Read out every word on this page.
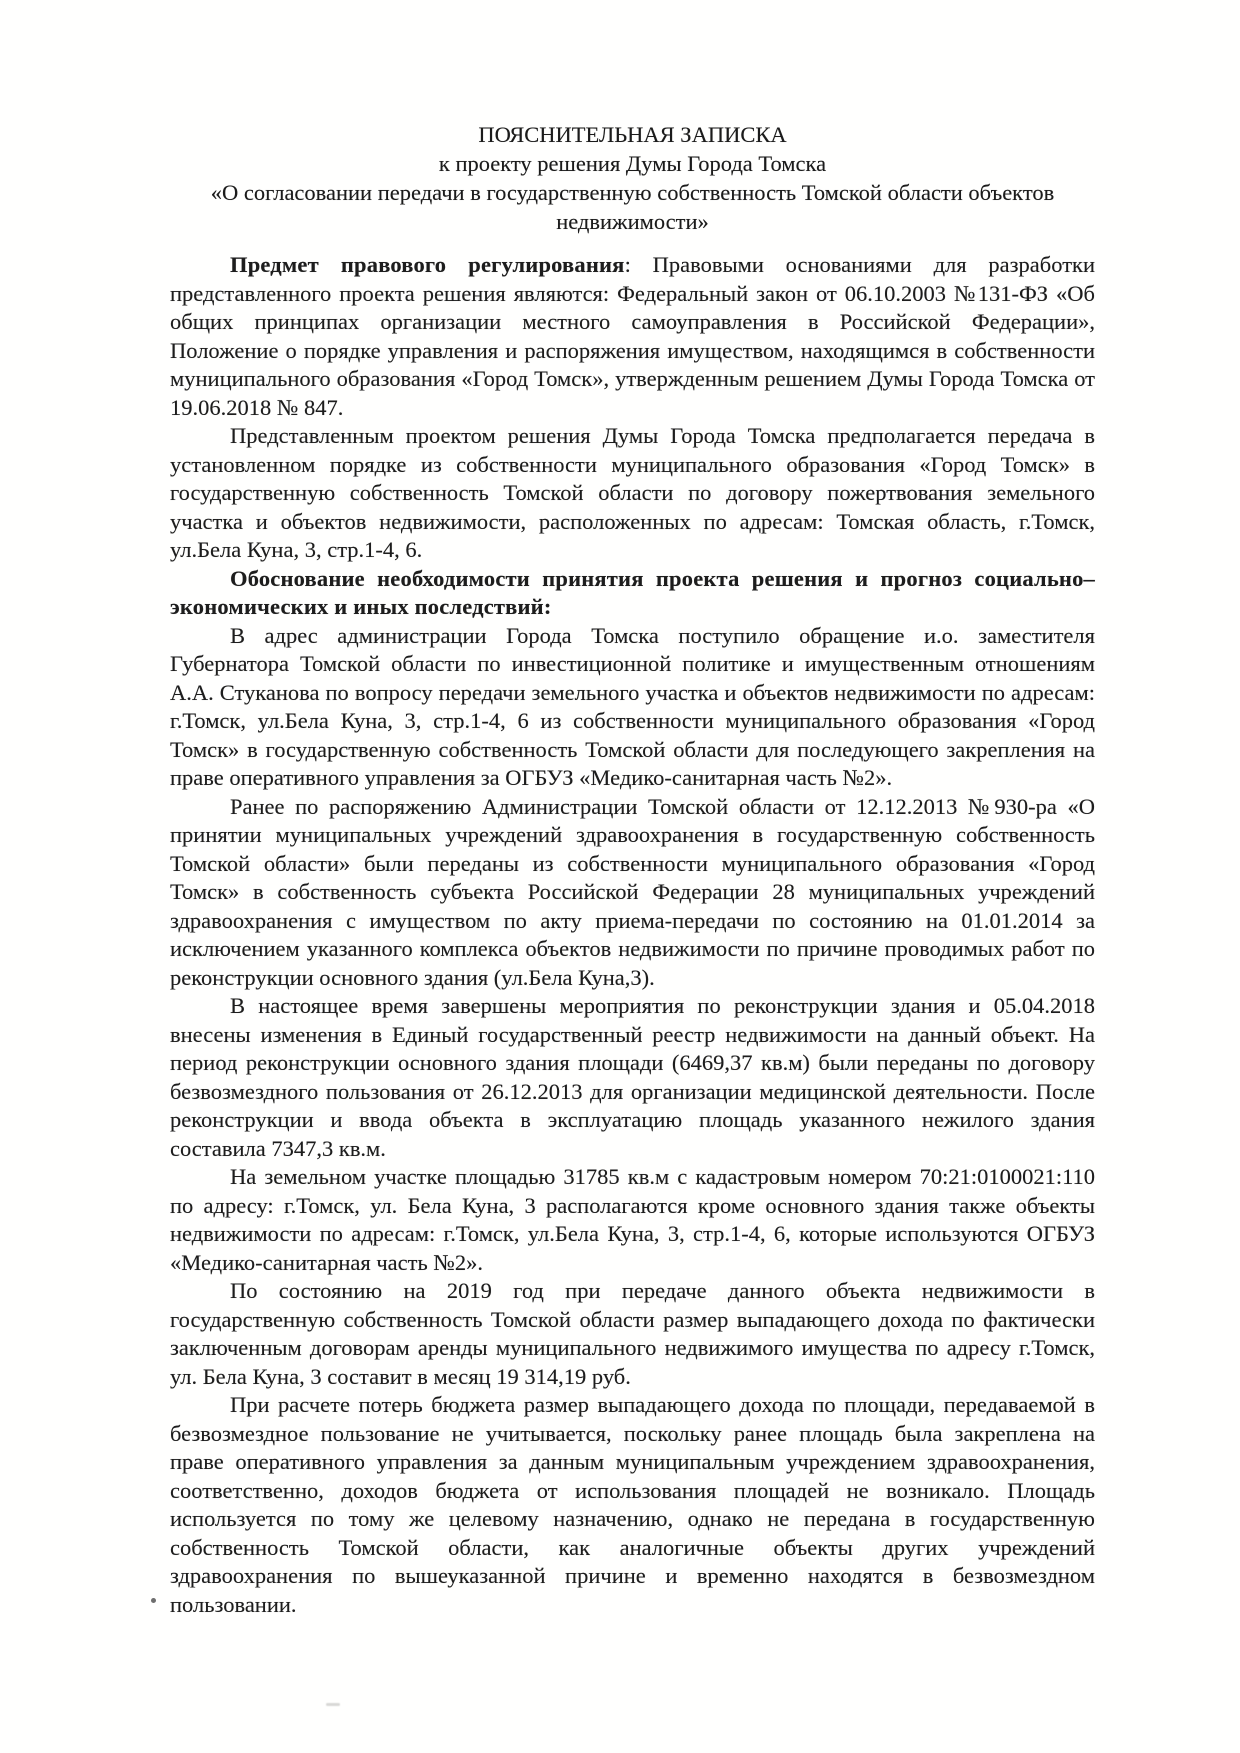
ПОЯСНИТЕЛЬНАЯ ЗАПИСКА
к проекту решения Думы Города Томска
«О согласовании передачи в государственную собственность Томской области объектов недвижимости»

Предмет правового регулирования: Правовыми основаниями для разработки представленного проекта решения являются: Федеральный закон от 06.10.2003 №131-ФЗ «Об общих принципах организации местного самоуправления в Российской Федерации», Положение о порядке управления и распоряжения имуществом, находящимся в собственности муниципального образования «Город Томск», утвержденным решением Думы Города Томска от 19.06.2018 № 847.

Представленным проектом решения Думы Города Томска предполагается передача в установленном порядке из собственности муниципального образования «Город Томск» в государственную собственность Томской области по договору пожертвования земельного участка и объектов недвижимости, расположенных по адресам: Томская область, г.Томск, ул.Бела Куна, 3, стр.1-4, 6.

Обоснование необходимости принятия проекта решения и прогноз социально–экономических и иных последствий:

В адрес администрации Города Томска поступило обращение и.о. заместителя Губернатора Томской области по инвестиционной политике и имущественным отношениям А.А. Стуканова по вопросу передачи земельного участка и объектов недвижимости по адресам: г.Томск, ул.Бела Куна, 3, стр.1-4, 6 из собственности муниципального образования «Город Томск» в государственную собственность Томской области для последующего закрепления на праве оперативного управления за ОГБУЗ «Медико-санитарная часть №2».

Ранее по распоряжению Администрации Томской области от 12.12.2013 №930-ра «О принятии муниципальных учреждений здравоохранения в государственную собственность Томской области» были переданы из собственности муниципального образования «Город Томск» в собственность субъекта Российской Федерации 28 муниципальных учреждений здравоохранения с имуществом по акту приема-передачи по состоянию на 01.01.2014 за исключением указанного комплекса объектов недвижимости по причине проводимых работ по реконструкции основного здания (ул.Бела Куна,3).

В настоящее время завершены мероприятия по реконструкции здания и 05.04.2018 внесены изменения в Единый государственный реестр недвижимости на данный объект. На период реконструкции основного здания площади (6469,37 кв.м) были переданы по договору безвозмездного пользования от 26.12.2013 для организации медицинской деятельности. После реконструкции и ввода объекта в эксплуатацию площадь указанного нежилого здания составила 7347,3 кв.м.

На земельном участке площадью 31785 кв.м с кадастровым номером 70:21:0100021:110 по адресу: г.Томск, ул. Бела Куна, 3 располагаются кроме основного здания также объекты недвижимости по адресам: г.Томск, ул.Бела Куна, 3, стр.1-4, 6, которые используются ОГБУЗ «Медико-санитарная часть №2».

По состоянию на 2019 год при передаче данного объекта недвижимости в государственную собственность Томской области размер выпадающего дохода по фактически заключенным договорам аренды муниципального недвижимого имущества по адресу г.Томск, ул. Бела Куна, 3 составит в месяц 19 314,19 руб.

При расчете потерь бюджета размер выпадающего дохода по площади, передаваемой в безвозмездное пользование не учитывается, поскольку ранее площадь была закреплена на праве оперативного управления за данным муниципальным учреждением здравоохранения, соответственно, доходов бюджета от использования площадей не возникало. Площадь используется по тому же целевому назначению, однако не передана в государственную собственность Томской области, как аналогичные объекты других учреждений здравоохранения по вышеуказанной причине и временно находятся в безвозмездном пользовании.
